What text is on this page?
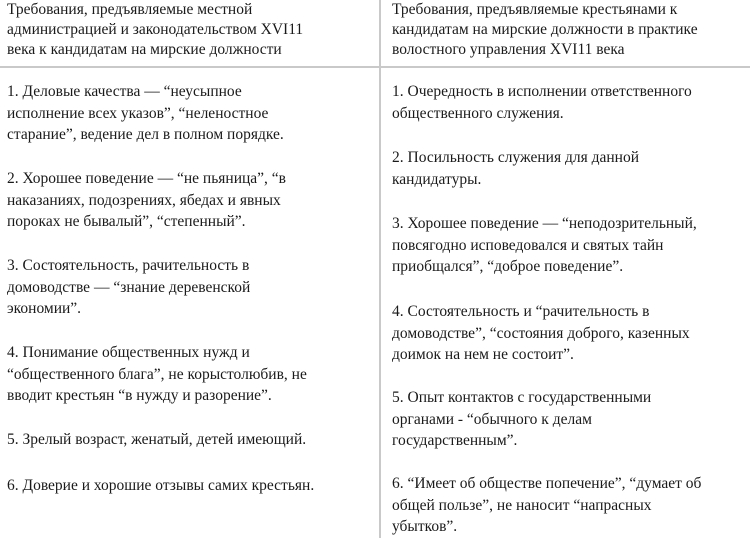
Требования, предъявляемые местной
администрацией и законодательством XVI11
века к кандидатам на мирские должности
Требования, предъявляемые крестьянами к
кандидатам на мирские должности в практике
волостного управления XVI11 века

1. Деловые качества — “неусыпное

исполнение всех указов”, “неленостное

старание”, ведение дел в полном порядке.

2. Хорошее поведение — “не пьяница”, “в

наказаниях, подозрениях, ябедах и явных

пороках не бывалый”, “степенный”.

3. Состоятельность, рачительность в

домоводстве — “знание деревенской

экономии”.

4. Понимание общественных нужд и

“общественного блага”, не корыстолюбив, не

вводит крестьян “в нужду и разорение”.

5. Зрелый возраст, женатый, детей имеющий.

6. Доверие и хорошие отзывы самих крестьян.

1. Очередность в исполнении ответственного

общественного служения.

2. Посильность служения для данной

кандидатуры.

3. Хорошее поведение — “неподозрительный,

повсягодно исповедовался и святых тайн

приобщался”, “доброе поведение”.

4. Состоятельность и “рачительность в

домоводстве”, “состояния доброго, казенных

доимок на нем не состоит”.

5. Опыт контактов с государственными

органами - “обычного к делам

государственным”.

6. “Имеет об обществе попечение”, “думает об

общей пользе”, не наносит “напрасных

убытков”.
